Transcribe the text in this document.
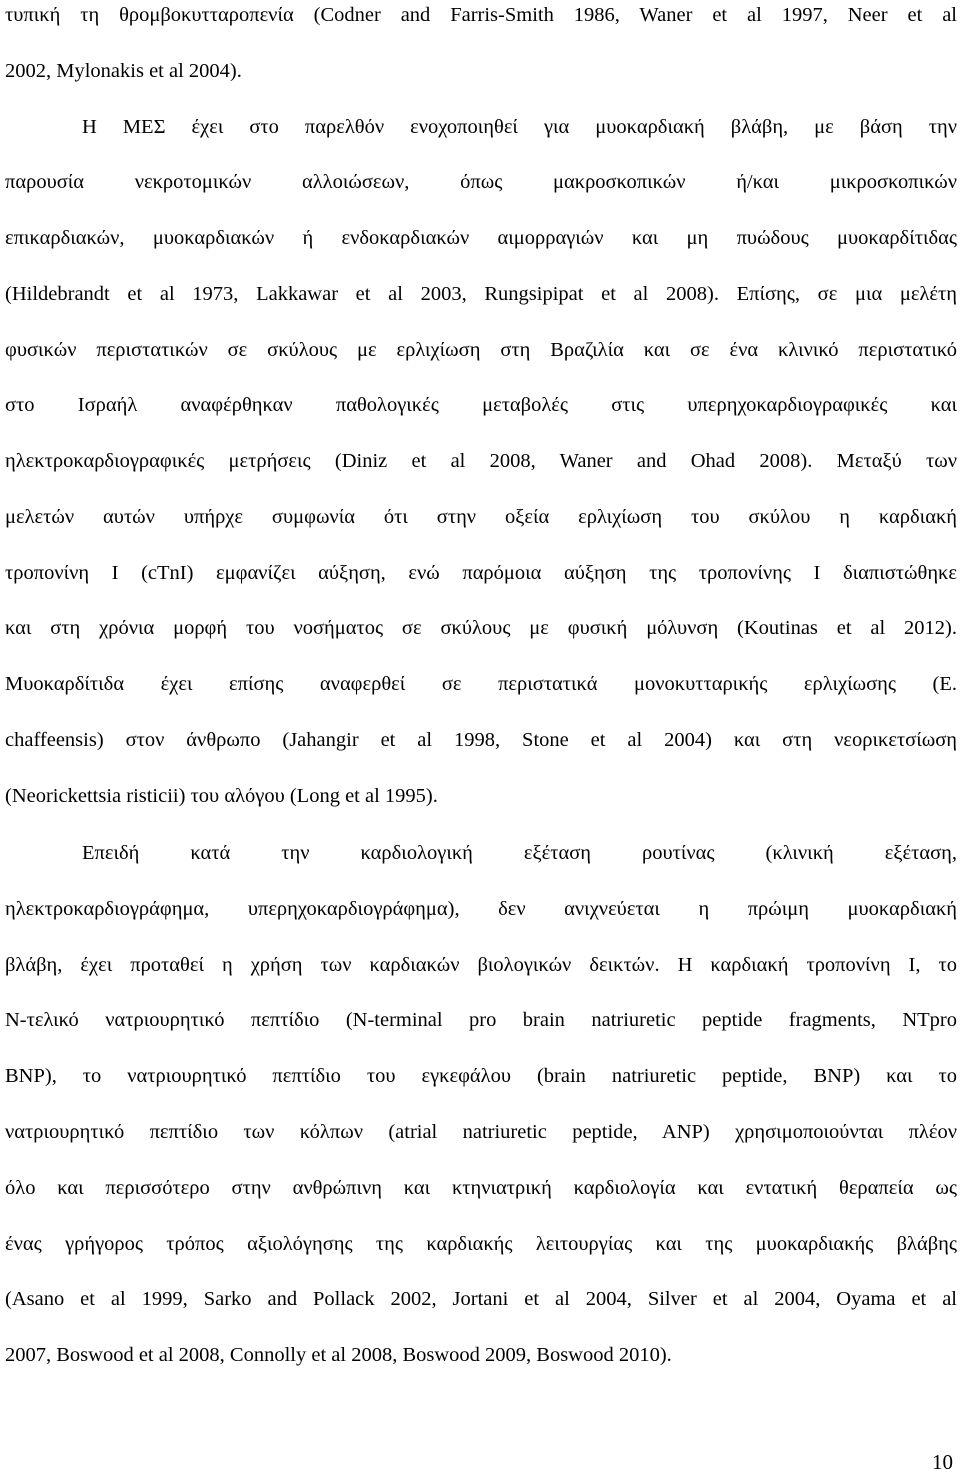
τυπική τη θρομβοκυτταροπενία (Codner and Farris-Smith 1986, Waner et al 1997, Neer et al
2002, Mylonakis et al 2004).
Η ΜΕΣ έχει στο παρελθόν ενοχοποιηθεί για μυοκαρδιακή βλάβη, με βάση την
παρουσία νεκροτομικών αλλοιώσεων, όπως μακροσκοπικών ή/και μικροσκοπικών
επικαρδιακών, μυοκαρδιακών ή ενδοκαρδιακών αιμορραγιών και μη πυώδους μυοκαρδίτιδας
(Hildebrandt et al 1973, Lakkawar et al 2003, Rungsipipat et al 2008). Επίσης, σε μια μελέτη
φυσικών περιστατικών σε σκύλους με ερλιχίωση στη Βραζιλία και σε ένα κλινικό περιστατικό
στο Ισραήλ αναφέρθηκαν παθολογικές μεταβολές στις υπερηχοκαρδιογραφικές και
ηλεκτροκαρδιογραφικές μετρήσεις (Diniz et al 2008, Waner and Ohad 2008). Μεταξύ των
μελετών αυτών υπήρχε συμφωνία ότι στην οξεία ερλιχίωση του σκύλου η καρδιακή
τροπονίνη Ι (cTnI) εμφανίζει αύξηση, ενώ παρόμοια αύξηση της τροπονίνης Ι διαπιστώθηκε
και στη χρόνια μορφή του νοσήματος σε σκύλους με φυσική μόλυνση (Koutinas et al 2012).
Μυοκαρδίτιδα έχει επίσης αναφερθεί σε περιστατικά μονοκυτταρικής ερλιχίωσης (E.
chaffeensis) στον άνθρωπο (Jahangir et al 1998, Stone et al 2004) και στη νεορικετσίωση
(Neorickettsia risticii) του αλόγου (Long et al 1995).
Επειδή κατά την καρδιολογική εξέταση ρουτίνας (κλινική εξέταση,
ηλεκτροκαρδιογράφημα, υπερηχοκαρδιογράφημα), δεν ανιχνεύεται η πρώιμη μυοκαρδιακή
βλάβη, έχει προταθεί η χρήση των καρδιακών βιολογικών δεικτών. Η καρδιακή τροπονίνη Ι, το
Ν-τελικό νατριουρητικό πεπτίδιο (N-terminal pro brain natriuretic peptide fragments, NTpro
BNP), το νατριουρητικό πεπτίδιο του εγκεφάλου (brain natriuretic peptide, BNP) και το
νατριουρητικό πεπτίδιο των κόλπων (atrial natriuretic peptide, ANP) χρησιμοποιούνται πλέον
όλο και περισσότερο στην ανθρώπινη και κτηνιατρική καρδιολογία και εντατική θεραπεία ως
ένας γρήγορος τρόπος αξιολόγησης της καρδιακής λειτουργίας και της μυοκαρδιακής βλάβης
(Asano et al 1999, Sarko and Pollack 2002, Jortani et al 2004, Silver et al 2004, Oyama et al
2007, Boswood et al 2008, Connolly et al 2008, Boswood 2009, Boswood 2010).
10
